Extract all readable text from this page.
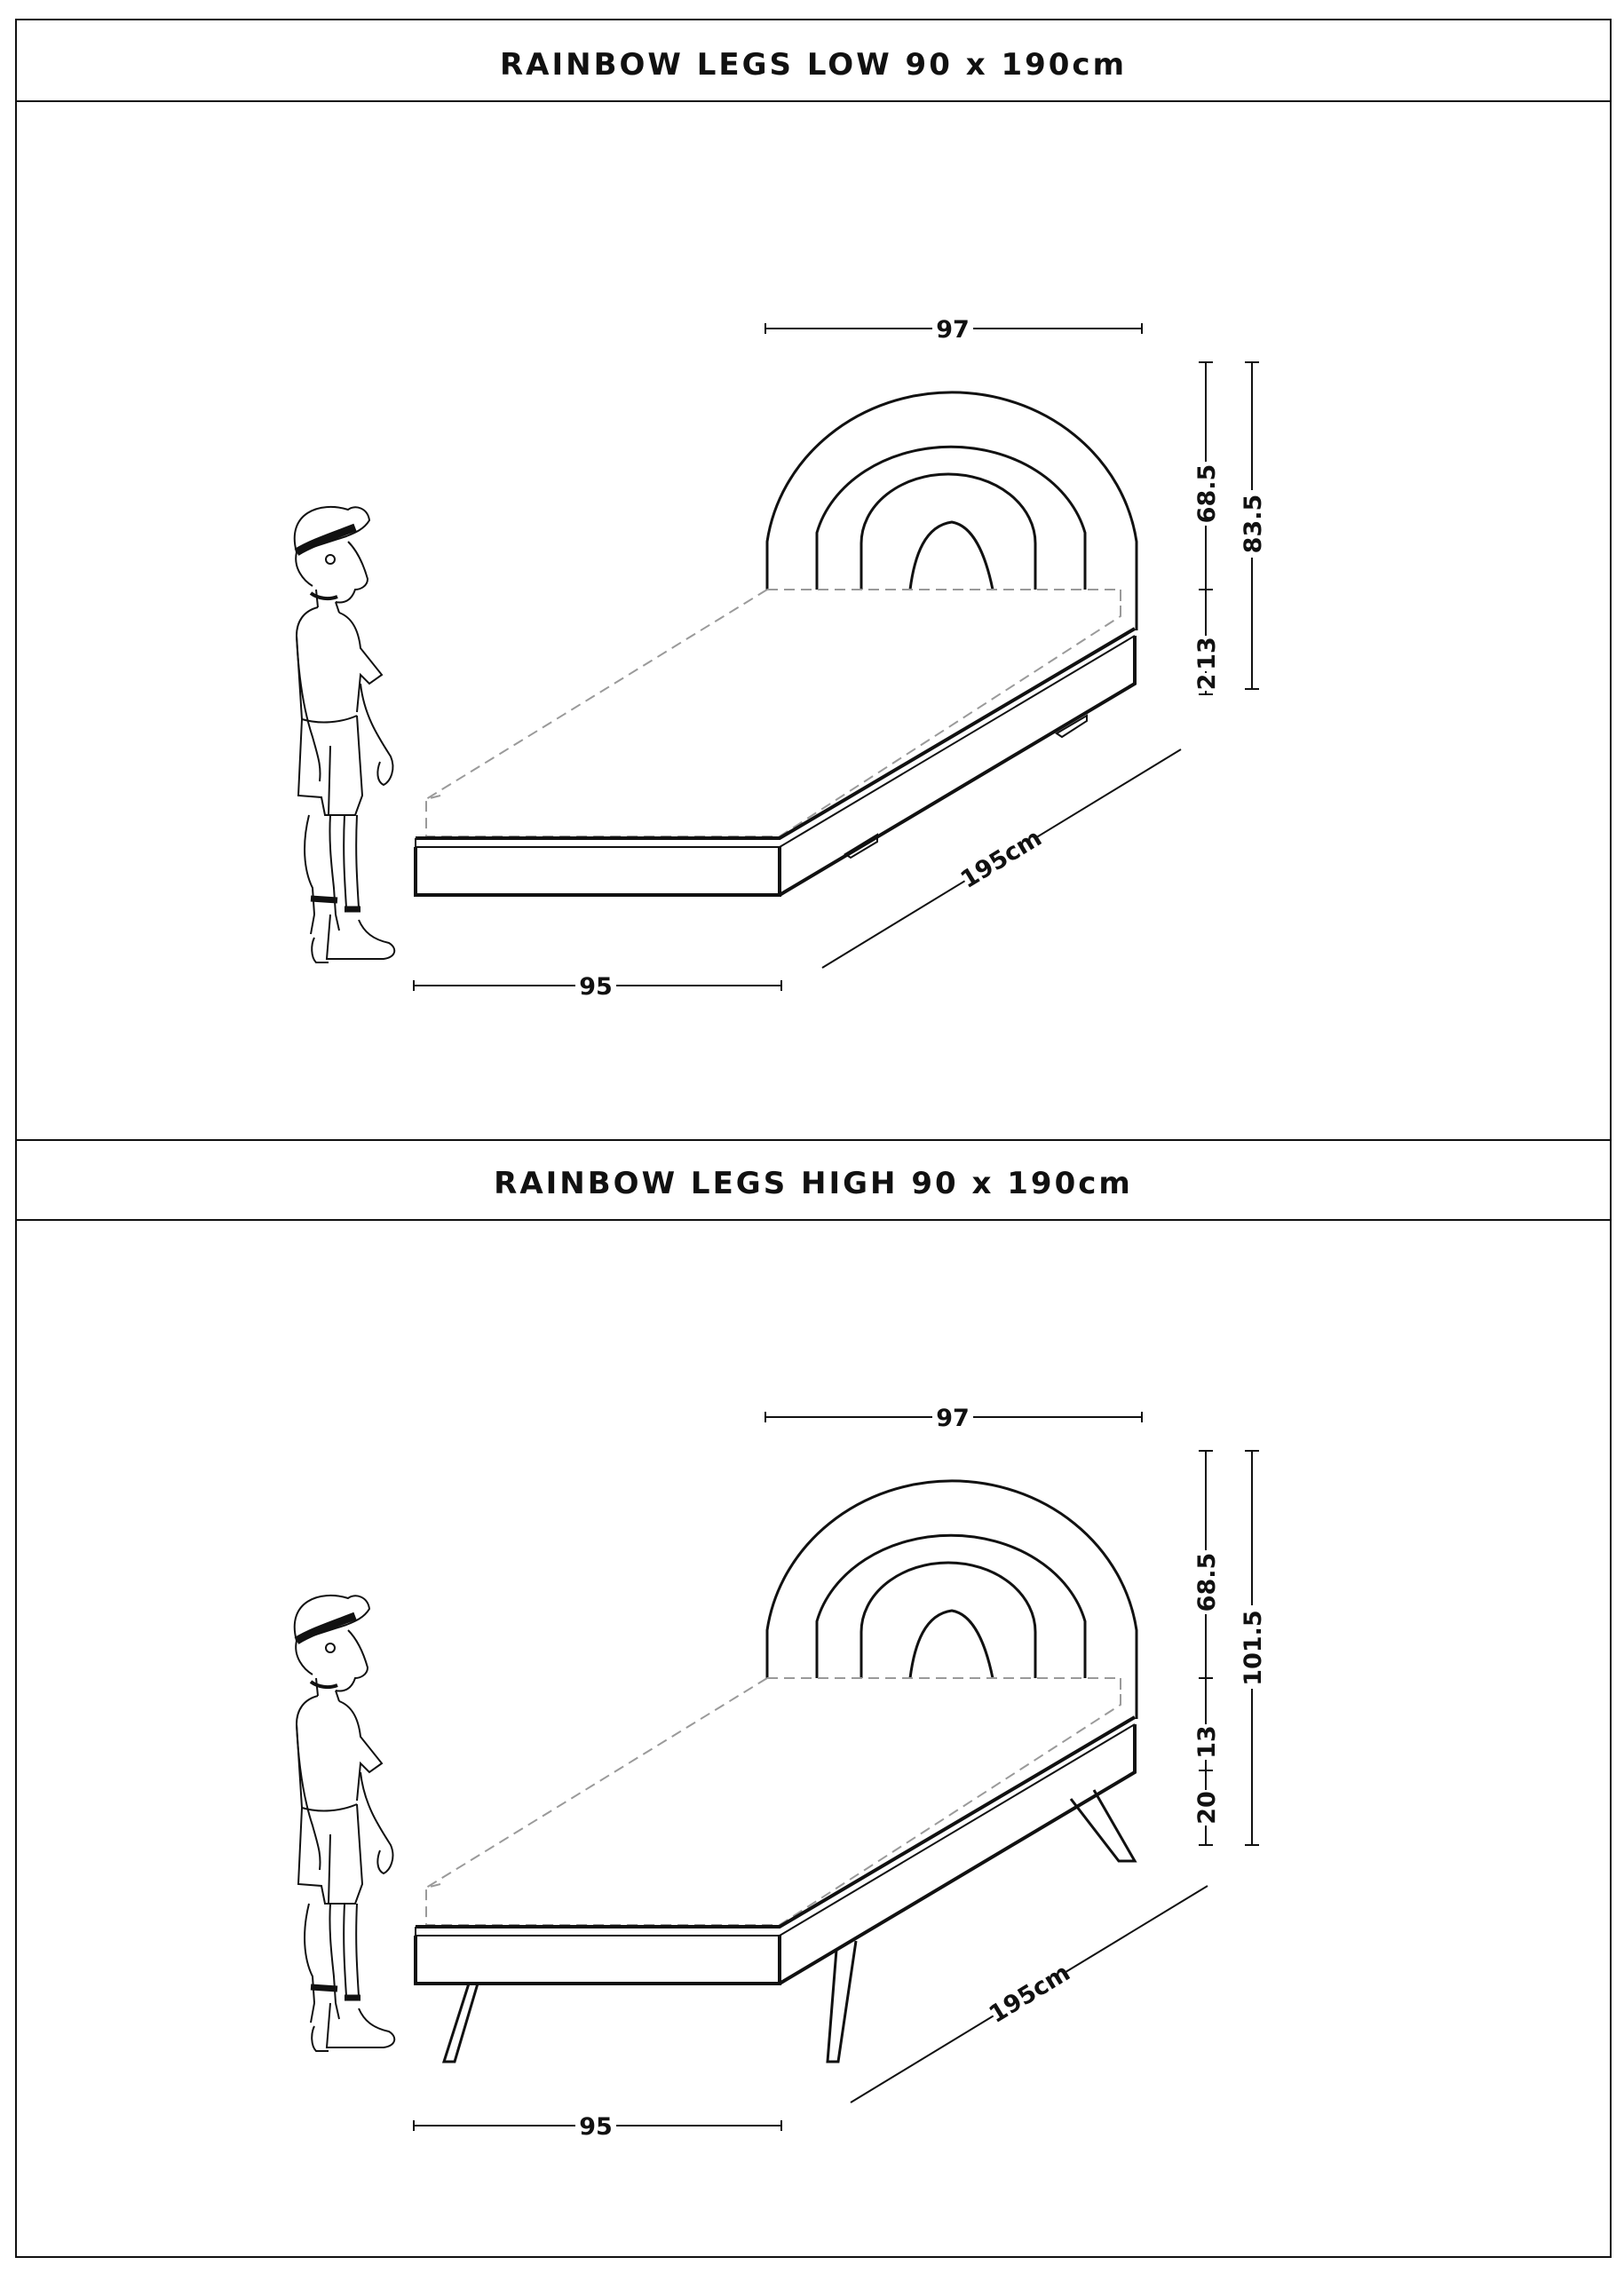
RAINBOW LEGS LOW 90 x 190cm
RAINBOW LEGS HIGH 90 x 190cm
97
68.5
13
2
83.5
195cm
95
97
68.5
13
20
101.5
195cm
95
